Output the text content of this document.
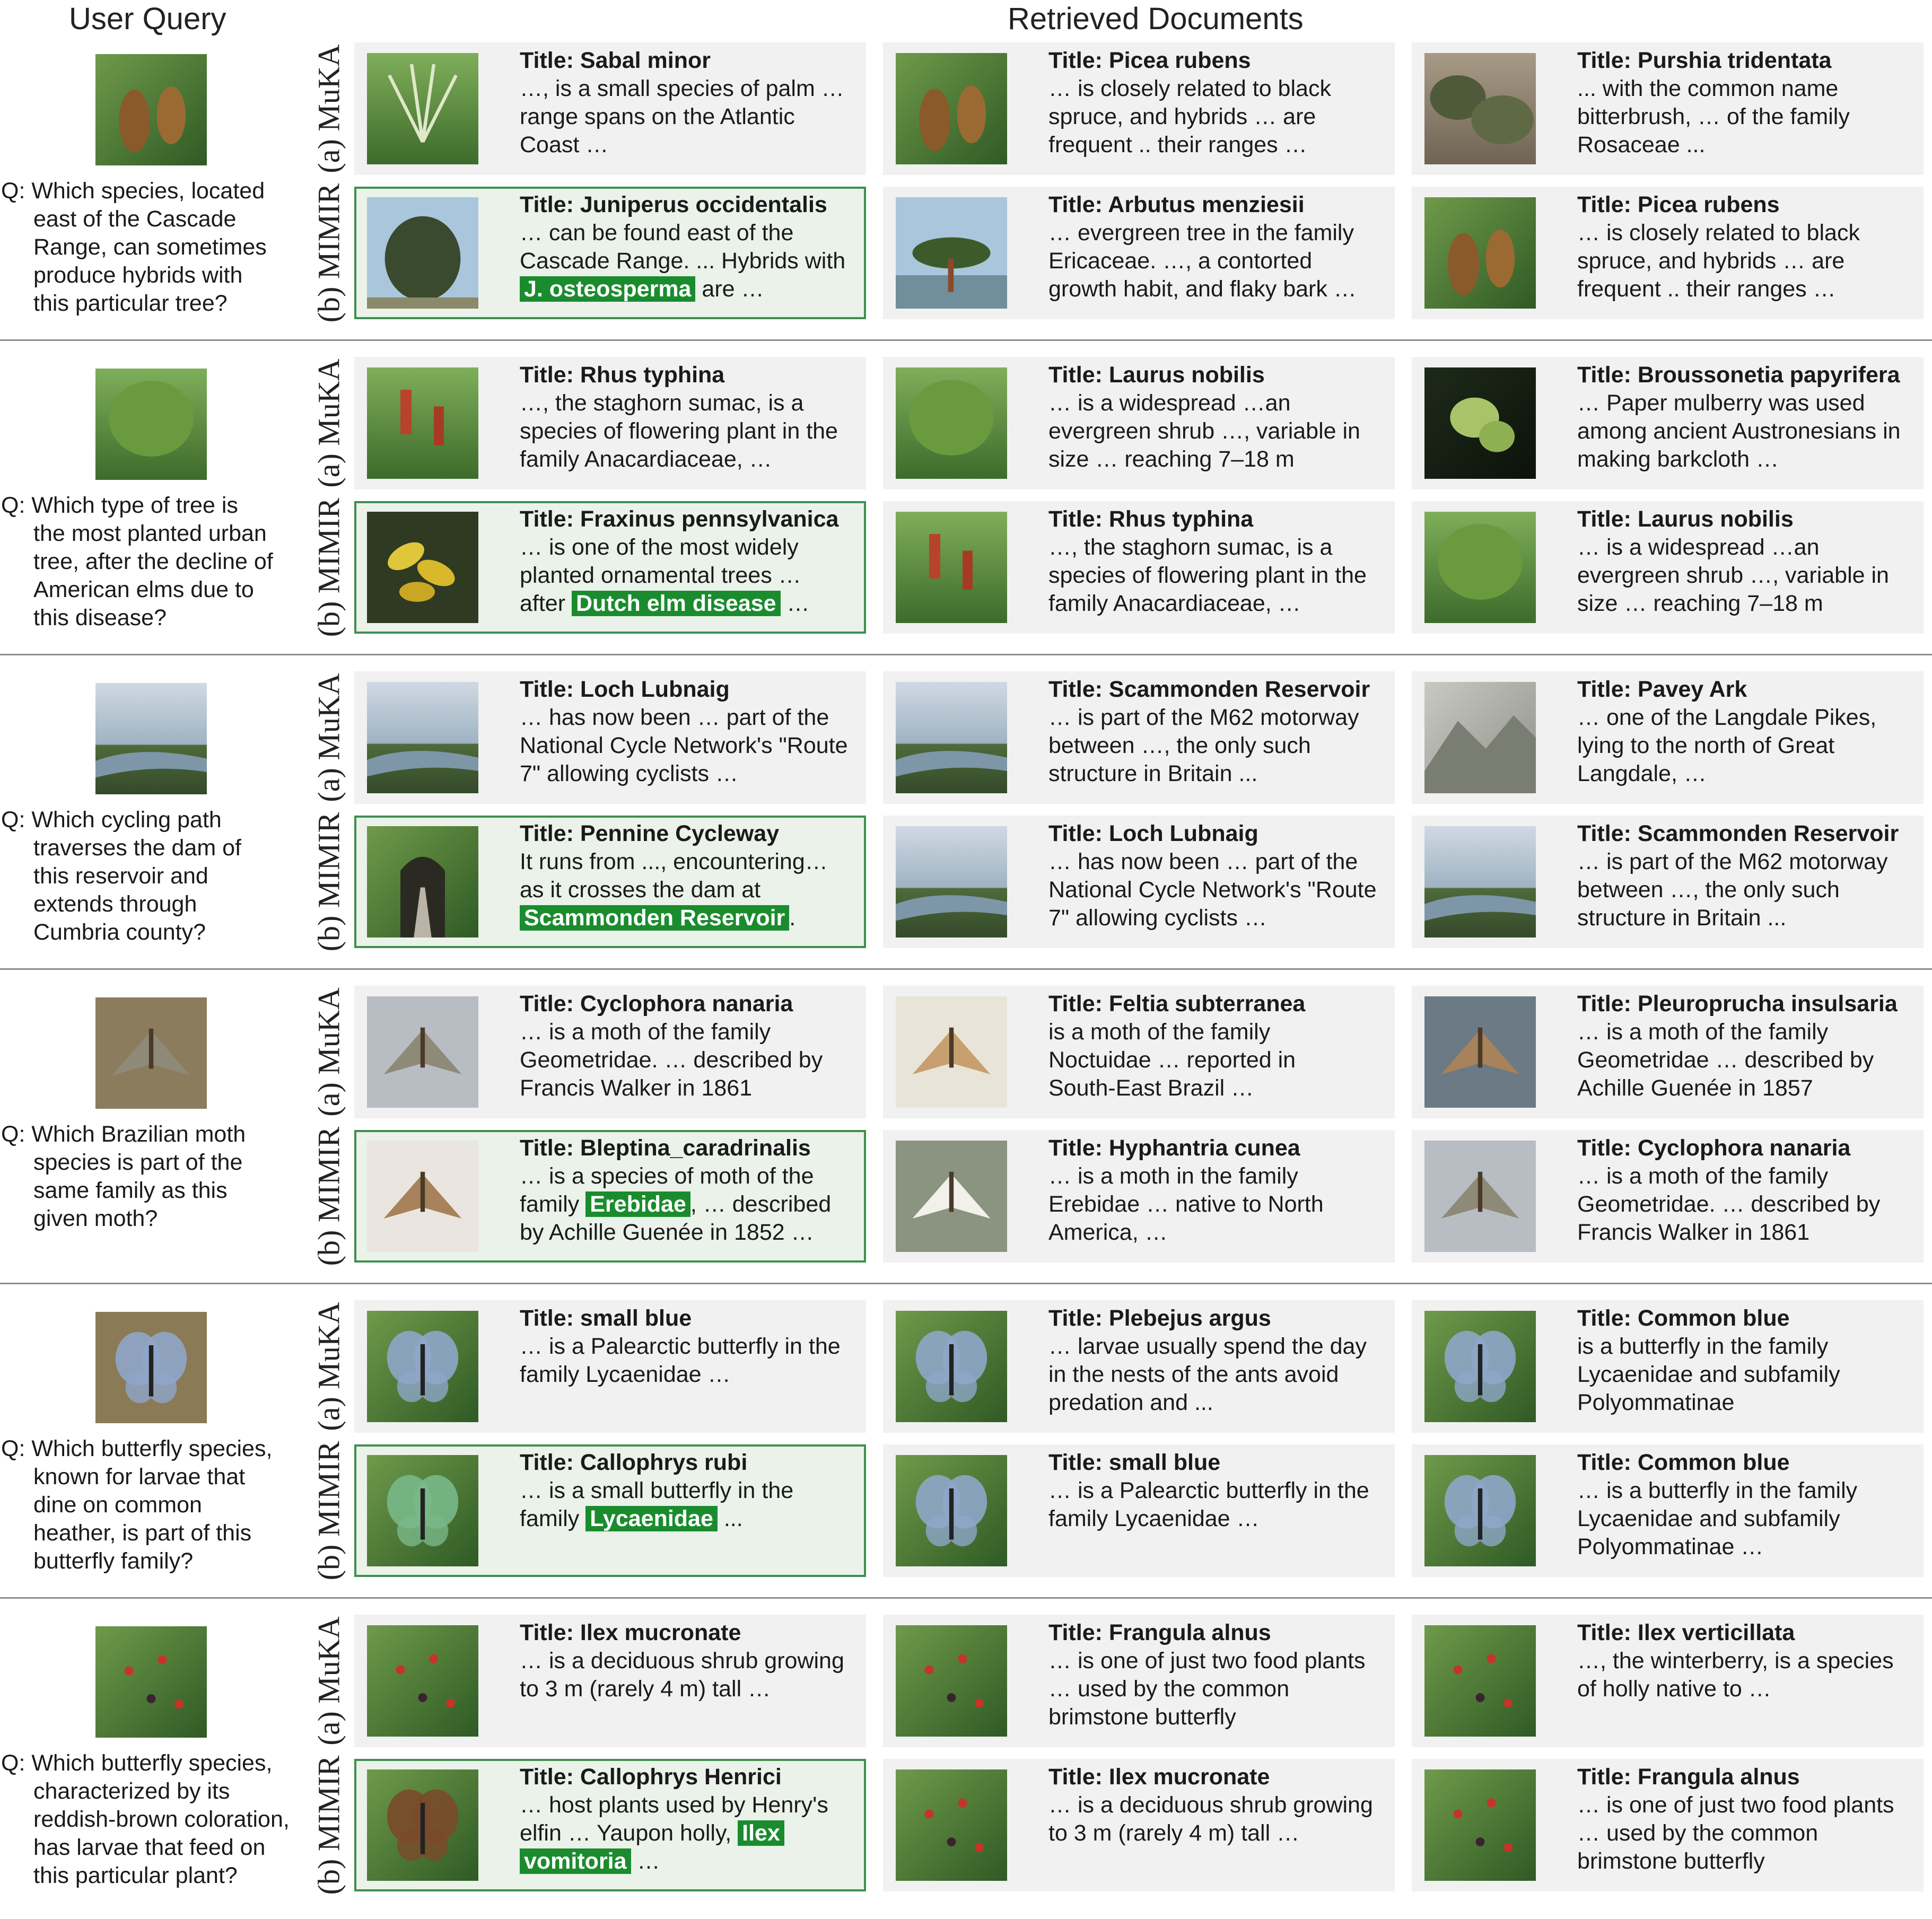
User Query	Retrieved Documents
Q: Which species, located
east of the Cascade
Range, can sometimes
produce hybrids with
this particular tree?
(a) MuKA	Title: Sabal minor
…, is a small species of palm …
range spans on the Atlantic
Coast …
Title: Picea rubens
… is closely related to black
spruce, and hybrids … are
frequent .. their ranges …
Title: Purshia tridentata
... with the common name
bitterbrush, … of the family
Rosaceae ...
(b) MIMIR	Title: Juniperus occidentalis
… can be found east of the
Cascade Range. ... Hybrids with
J. osteosperma are …
Title: Arbutus menziesii
… evergreen tree in the family
Ericaceae. …, a contorted
growth habit, and flaky bark …
Title: Picea rubens
… is closely related to black
spruce, and hybrids … are
frequent .. their ranges …
Q: Which type of tree is
the most planted urban
tree, after the decline of
American elms due to
this disease?
(a) MuKA	Title: Rhus typhina
…, the staghorn sumac, is a
species of flowering plant in the
family Anacardiaceae, …
Title: Laurus nobilis
… is a widespread …an
evergreen shrub …, variable in
size … reaching 7–18 m
Title: Broussonetia papyrifera
… Paper mulberry was used
among ancient Austronesians in
making barkcloth …
(b) MIMIR	Title: Fraxinus pennsylvanica
… is one of the most widely
planted ornamental trees …
after Dutch elm disease …
Title: Rhus typhina
…, the staghorn sumac, is a
species of flowering plant in the
family Anacardiaceae, …
Title: Laurus nobilis
… is a widespread …an
evergreen shrub …, variable in
size … reaching 7–18 m
Q: Which cycling path
traverses the dam of
this reservoir and
extends through
Cumbria county?
(a) MuKA	Title: Loch Lubnaig
… has now been … part of the
National Cycle Network's "Route
7" allowing cyclists …
Title: Scammonden Reservoir
… is part of the M62 motorway
between …, the only such
structure in Britain ...
Title: Pavey Ark
… one of the Langdale Pikes,
lying to the north of Great
Langdale, …
(b) MIMIR	Title: Pennine Cycleway
It runs from ..., encountering…
as it crosses the dam at
Scammonden Reservoir .
Title: Loch Lubnaig
… has now been … part of the
National Cycle Network's "Route
7" allowing cyclists …
Title: Scammonden Reservoir
… is part of the M62 motorway
between …, the only such
structure in Britain ...
Q: Which Brazilian moth
species is part of the
same family as this
given moth?
(a) MuKA	Title: Cyclophora nanaria
… is a moth of the family
Geometridae. … described by
Francis Walker in 1861
Title: Feltia subterranea
is a moth of the family
Noctuidae … reported in
South-East Brazil …
Title: Pleuroprucha insulsaria
… is a moth of the family
Geometridae … described by
Achille Guenée in 1857
(b) MIMIR	Title: Bleptina_caradrinalis
… is a species of moth of the
family Erebidae , … described
by Achille Guenée in 1852 …
Title: Hyphantria cunea
… is a moth in the family
Erebidae … native to North
America, …
Title: Cyclophora nanaria
… is a moth of the family
Geometridae. … described by
Francis Walker in 1861
Q: Which butterfly species,
known for larvae that
dine on common
heather, is part of this
butterfly family?
(a) MuKA	Title: small blue
… is a Palearctic butterfly in the
family Lycaenidae …
Title: Plebejus argus
… larvae usually spend the day
in the nests of the ants avoid
predation and ...
Title: Common blue
is a butterfly in the family
Lycaenidae and subfamily
Polyommatinae
(b) MIMIR	Title: Callophrys rubi
… is a small butterfly in the
family Lycaenidae ...
Title: small blue
… is a Palearctic butterfly in the
family Lycaenidae …
Title: Common blue
… is a butterfly in the family
Lycaenidae and subfamily
Polyommatinae …
Q: Which butterfly species,
characterized by its
reddish-brown coloration,
has larvae that feed on
this particular plant?
(a) MuKA	Title: Ilex mucronate
… is a deciduous shrub growing
to 3 m (rarely 4 m) tall …
Title: Frangula alnus
… is one of just two food plants
… used by the common
brimstone butterfly
Title: Ilex verticillata
…, the winterberry, is a species
of holly native to …
(b) MIMIR	Title: Callophrys Henrici
… host plants used by Henry's
elfin … Yaupon holly, Ilex
vomitoria …
Title: Ilex mucronate
… is a deciduous shrub growing
to 3 m (rarely 4 m) tall …
Title: Frangula alnus
… is one of just two food plants
… used by the common
brimstone butterfly
